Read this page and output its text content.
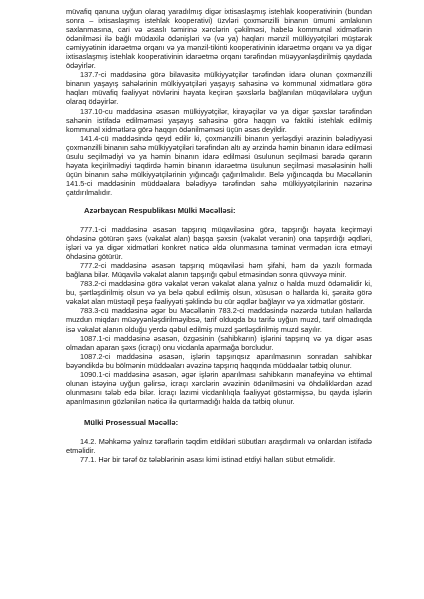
müvafiq qanuna uyğun olaraq yaradılmış digər ixtisaslaşmış istehlak kooperativinin (bundan sonra – ixtisaslaşmış istehlak kooperativi) üzvləri çoxmənzilli binanın ümumi əmlakının saxlanmasına, cari və əsaslı təmirinə xərclərin çəkilməsi, habelə kommunal xidmətlərin ödənilməsi ilə bağlı müdaxilə ödənişləri və (və ya) haqları mənzil mülkiyyətçiləri müştərək cəmiyyətinin idarəetmə orqanı və ya mənzil-tikinti kooperativinin idarəetmə orqanı və ya digər ixtisaslaşmış istehlak kooperativinin idarəetmə orqanı tərəfindən müəyyənləşdirilmiş qaydada ödəyirlər.

137.7-ci maddəsinə görə bilavasitə mülkiyyətçilər tərəfindən idarə olunan çoxmənzilli binanın yaşayış sahələrinin mülkiyyətçiləri yaşayış sahəsinə və kommunal xidmətlərə görə haqları müvafiq fəaliyyət növlərini həyata keçirən şəxslərlə bağlanılan müqavilələrə uyğun olaraq ödəyirlər.

137.10-cu maddəsinə əsasən mülkiyyətçilər, kirayəçilər və ya digər şəxslər tərəfindən sahənin istifadə edilməməsi yaşayış sahəsinə görə haqqın və faktiki istehlak edilmiş kommunal xidmətlərə görə haqqın ödənilməməsi üçün əsas deyildir.

141.4-cü maddəsində qeyd edilir ki, çoxmənzilli binanın yerləşdiyi ərazinin bələdiyyəsi çoxmənzilli binanın sahə mülkiyyətçiləri tərəfindən altı ay ərzində həmin binanın idarə edilməsi üsulu seçilmədiyi və ya həmin binanın idarə edilməsi üsulunun seçilməsi barədə qərarın həyata keçirilmədiyi təqdirdə həmin binanın idarəetmə üsulunun seçilməsi məsələsinin həlli üçün binanın sahə mülkiyyətçilərinin yığıncağı çağırılmalıdır. Belə yığıncaqda bu Məcəllənin 141.5-ci maddəsinin müddəalara bələdiyyə tərəfindən sahə mülkiyyətçilərinin nəzərinə çatdırılmalıdır.

Azərbaycan Respublikası Mülki Məcəlləsi:

777.1-ci maddəsinə əsasən tapşırıq müqaviləsinə görə, tapşırığı həyata keçirməyi öhdəsinə götürən şəxs (vəkalət alan) başqa şəxsin (vəkalət verənin) ona tapşırdığı əqdləri, işləri və ya digər xidmətləri konkret nəticə əldə olunmasına təminat vermədən icra etməyi öhdəsinə götürür.

777.2-ci maddəsinə əsasən tapşırıq müqaviləsi həm şifahi, həm də yazılı formada bağlana bilər. Müqavilə vəkalət alanın tapşırığı qəbul etməsindən sonra qüvvəyə minir.

783.2-ci maddəsinə görə vəkalət verən vəkalət alana yalnız o halda muzd ödəməlidir ki, bu, şərtləşdirilmiş olsun və ya belə qəbul edilmiş olsun, xüsusən o hallarda ki, şəraitə görə vəkalət alan müstəqil peşə fəaliyyəti şəklində bu cür əqdlər bağlayır və ya xidmətlər göstərir.

783.3-cü maddəsinə əgər bu Məcəllənin 783.2-ci maddəsində nəzərdə tutulan hallarda muzdun miqdarı müəyyənləşdirilməyibsə, tarif olduqda bu tarifə uyğun muzd, tarif olmadıqda isə vəkalət alanın olduğu yerdə qəbul edilmiş muzd şərtləşdirilmiş muzd sayılır.

1087.1-ci maddəsinə əsasən, özgəsinin (sahibkarın) işlərini tapşırıq və ya digər əsas olmadan aparan şəxs (icraçı) onu vicdanla aparmağa borcludur.

1087.2-ci maddəsinə əsasən, işlərin tapşırıqsız aparılmasının sonradan sahibkar bəyəndikdə bu bölmənin müddəaları əvəzinə tapşırıq haqqında müddəalar tətbiq olunur.

1090.1-ci maddəsinə əsasən, əgər işlərin aparılması sahibkarın mənafeyinə və ehtimal olunan istəyinə uyğun gəlirsə, icraçı xərclərin əvəzinin ödənilməsini və öhdəliklərdən azad olunmasını tələb edə bilər. İcraçı lazımi vicdanlılıqla fəaliyyət göstərmişsə, bu qayda işlərin aparılmasının gözlənilən nəticə ilə qurtarmadığı halda da tətbiq olunur.

Mülki Prosessual Məcəllə:

14.2. Məhkəmə yalnız tərəflərin təqdim etdikləri sübutları araşdırmalı və onlardan istifadə etməlidir.

77.1. Hər bir tərəf öz tələblərinin əsası kimi istinad etdiyi halları sübut etməlidir.
